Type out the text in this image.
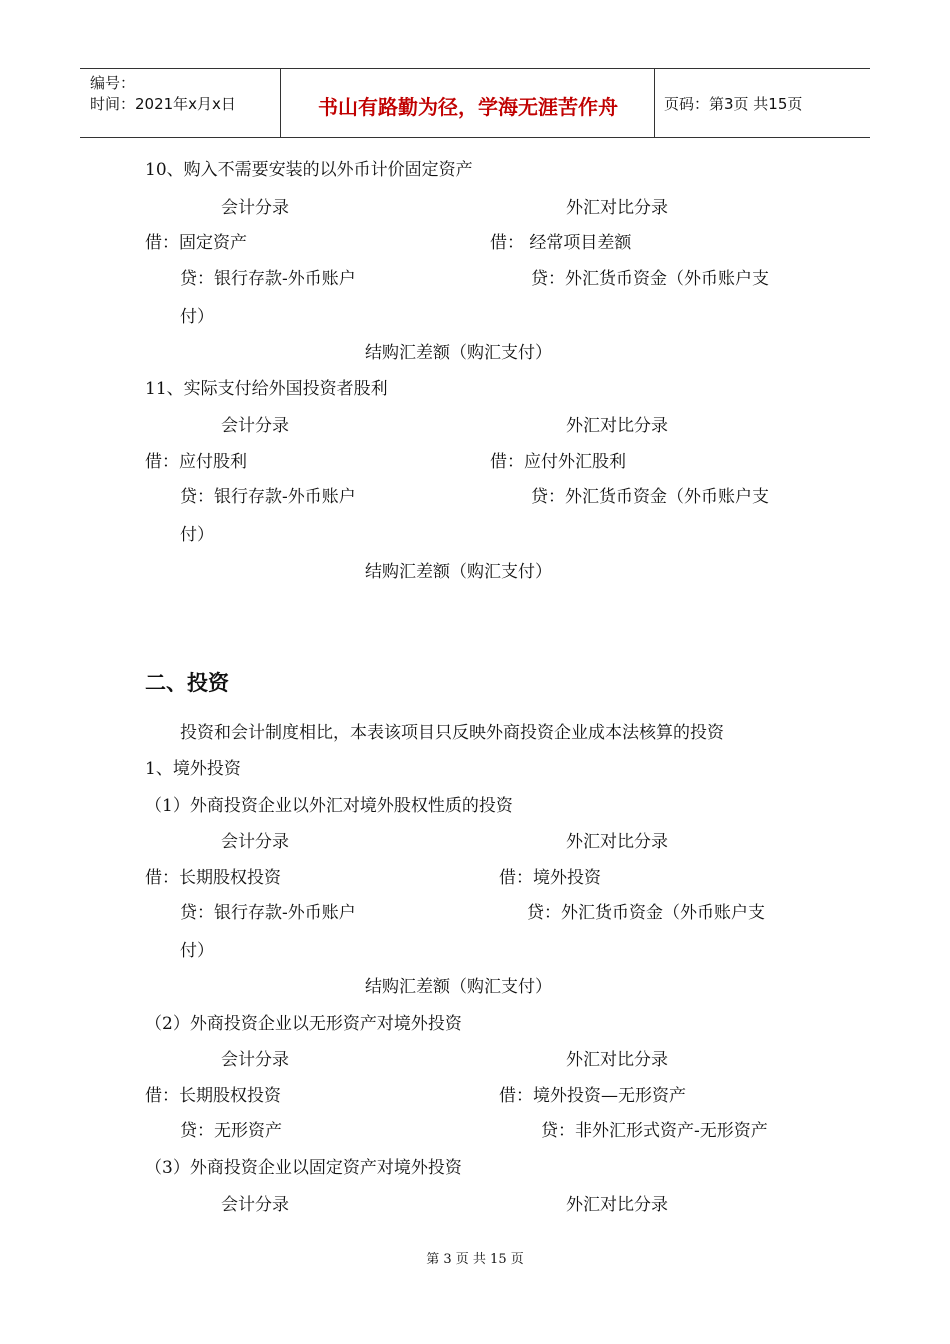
编号：
时间：2021年x月x日	书山有路勤为径，学海无涯苦作舟	页码：第3页 共15页
10、购入不需要安装的以外币计价固定资产
会计分录	外汇对比分录
借：固定资产	借： 经常项目差额
贷：银行存款-外币账户	贷：外汇货币资金（外币账户支
付）
结购汇差额（购汇支付）
11、实际支付给外国投资者股利
会计分录	外汇对比分录
借：应付股利	借：应付外汇股利
贷：银行存款-外币账户	贷：外汇货币资金（外币账户支
付）
结购汇差额（购汇支付）
二、投资
投资和会计制度相比，本表该项目只反映外商投资企业成本法核算的投资
1、境外投资
（1）外商投资企业以外汇对境外股权性质的投资
会计分录	外汇对比分录
借：长期股权投资	借：境外投资
贷：银行存款-外币账户	贷：外汇货币资金（外币账户支
付）
结购汇差额（购汇支付）
（2）外商投资企业以无形资产对境外投资
会计分录	外汇对比分录
借：长期股权投资	借：境外投资—无形资产
贷：无形资产	贷：非外汇形式资产-无形资产
（3）外商投资企业以固定资产对境外投资
会计分录	外汇对比分录
第 3 页 共 15 页
